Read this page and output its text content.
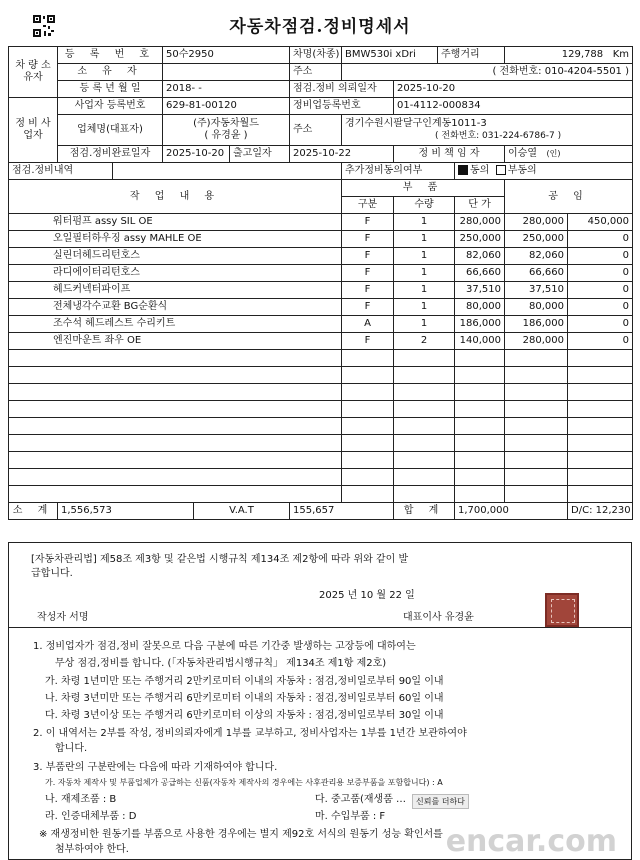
자동차점검.정비명세서
차 량 소유자	등 록 번 호		50수2950			차명(차종)	BMW530i xDri		주행거리		129,788 Km	
	소 유 자					주소	( 전화번호: 010-4204-5501 )					
	등 록 년 월 일		2018- -			점검.정비 의뢰일자		2025-10-20				
정 비 사업자	사업자 등록번호		629-81-00120			정비업등록번호		01-4112-000834				
	업체명(대표자)		(주)자동차월드
( 유경윤 )			주소	경기수원시팔달구인계동1011-3
( 전화번호: 031-224-6786-7 )					
	점검.정비완료일자		2025-10-20		출고일자	2025-10-22		정 비 책 임 자			이승열 (인)	
점검.정비내역							추가정비동의여부			동의 부동의		
작 업 내 용							부 품				공 임	
							구분	수량		단 가		
워터펌프 assy SIL OE							F	1		280,000	280,000	450,000
오일필터하우징 assy MAHLE OE							F	1		250,000	250,000	0
실린더헤드리턴호스							F	1		82,060	82,060	0
라디에이터리턴호스							F	1		66,660	66,660	0
헤드커넥터파이프							F	1		37,510	37,510	0
전체냉각수교환 BG순환식							F	1		80,000	80,000	0
조수석 헤드레스트 수리키트							A	1		186,000	186,000	0
엔진마운트 좌우 OE							F	2		140,000	280,000	0

소 계	1,556,573			V.A.T		155,657		합 계		1,700,000		D/C: 12,230
[자동차관리법] 제58조 제3항 및 같은법 시행규칙 제134조 제2항에 따라 위와 같이 발
급합니다.
2025 년 10 월 22 일
작성자 서명	대표이사 유경윤
1. 정비업자가 점검,정비 잘못으로 다음 구분에 따른 기간중 발생하는 고장등에 대하여는
무상 점검,정비를 합니다. (「자동차관리법시행규칙」 제134조 제1항 제2호)
가. 차령 1년미만 또는 주행거리 2만키로미터 이내의 자동차 : 점검,정비일로부터 90일 이내
나. 차령 3년미만 또는 주행거리 6만키로미터 이내의 자동차 : 점검,정비일로부터 60일 이내
다. 차령 3년이상 또는 주행거리 6만키로미터 이상의 자동차 : 점검,정비일로부터 30일 이내
2. 이 내역서는 2부를 작성, 정비의뢰자에게 1부를 교부하고, 정비사업자는 1부를 1년간 보관하여야
합니다.
3. 부품란의 구분란에는 다음에 따라 기재하여야 합니다.
가. 자동차 제작사 및 부품업체가 공급하는 신품(자동차 제작사의 경우에는 사후관리용 보증부품을 포함합니다) : A
나. 재제조품 : B	다. 중고품(재생품 …
라. 인증대체부품 : D	마. 수입부품 : F
※ 재생정비한 원동기를 부품으로 사용한 경우에는 별지 제92호 서식의 원동기 성능 확인서를
첨부하여야 한다.	encar.com
신뢰를 더하다
